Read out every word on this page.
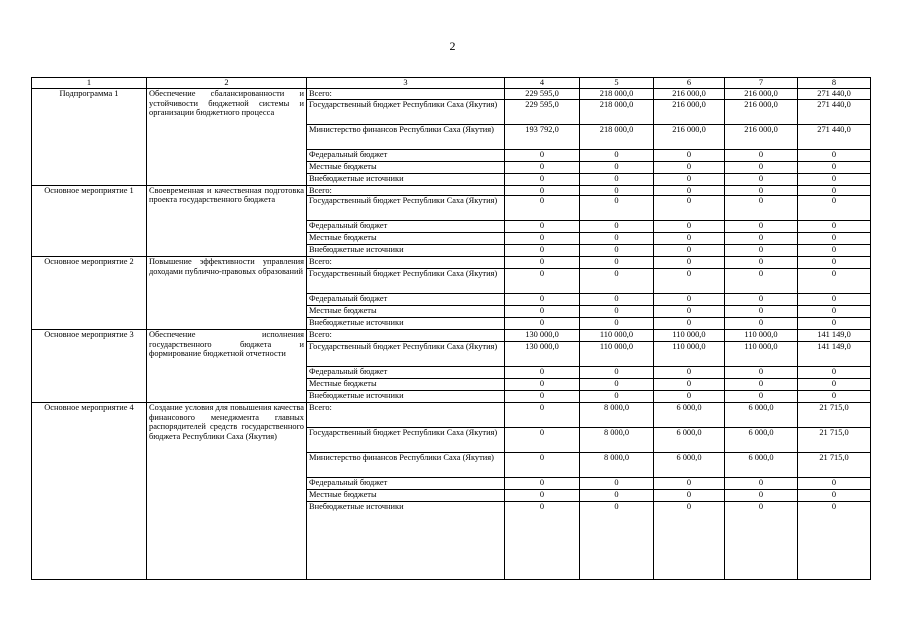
2
1	2	3	4	5	6	7	8
Подпрограмма 1	Обеспечение сбалансированности и устойчивости бюджетной системы и организации бюджетного процесса	Всего:	229 595,0	218 000,0	216 000,0	216 000,0	271 440,0
		Государственный бюджет Республики Саха (Якутия)	229 595,0	218 000,0	216 000,0	216 000,0	271 440,0
		Министерство финансов Республики Саха (Якутия)	193 792,0	218 000,0	216 000,0	216 000,0	271 440,0
		Федеральный бюджет	0	0	0	0	0
		Местные бюджеты	0	0	0	0	0
		Внебюджетные источники	0	0	0	0	0
Основное мероприятие 1	Своевременная и качественная подготовка проекта государственного бюджета	Всего:	0	0	0	0	0
		Государственный бюджет Республики Саха (Якутия)	0	0	0	0	0
		Федеральный бюджет	0	0	0	0	0
		Местные бюджеты	0	0	0	0	0
		Внебюджетные источники	0	0	0	0	0
Основное мероприятие 2	Повышение эффективности управления доходами публично-правовых образований	Всего:	0	0	0	0	0
		Государственный бюджет Республики Саха (Якутия)	0	0	0	0	0
		Федеральный бюджет	0	0	0	0	0
		Местные бюджеты	0	0	0	0	0
		Внебюджетные источники	0	0	0	0	0
Основное мероприятие 3	Обеспечение исполнения государственного бюджета и формирование бюджетной отчетности	Всего:	130 000,0	110 000,0	110 000,0	110 000,0	141 149,0
		Государственный бюджет Республики Саха (Якутия)	130 000,0	110 000,0	110 000,0	110 000,0	141 149,0
		Федеральный бюджет	0	0	0	0	0
		Местные бюджеты	0	0	0	0	0
		Внебюджетные источники	0	0	0	0	0
Основное мероприятие 4	Создание условия для повышения качества финансового менеджмента главных распорядителей средств государственного бюджета Республики Саха (Якутия)	Всего:	0	8 000,0	6 000,0	6 000,0	21 715,0
		Государственный бюджет Республики Саха (Якутия)	0	8 000,0	6 000,0	6 000,0	21 715,0
		Министерство финансов Республики Саха (Якутия)	0	8 000,0	6 000,0	6 000,0	21 715,0
		Федеральный бюджет	0	0	0	0	0
		Местные бюджеты	0	0	0	0	0
		Внебюджетные источники	0	0	0	0	0
